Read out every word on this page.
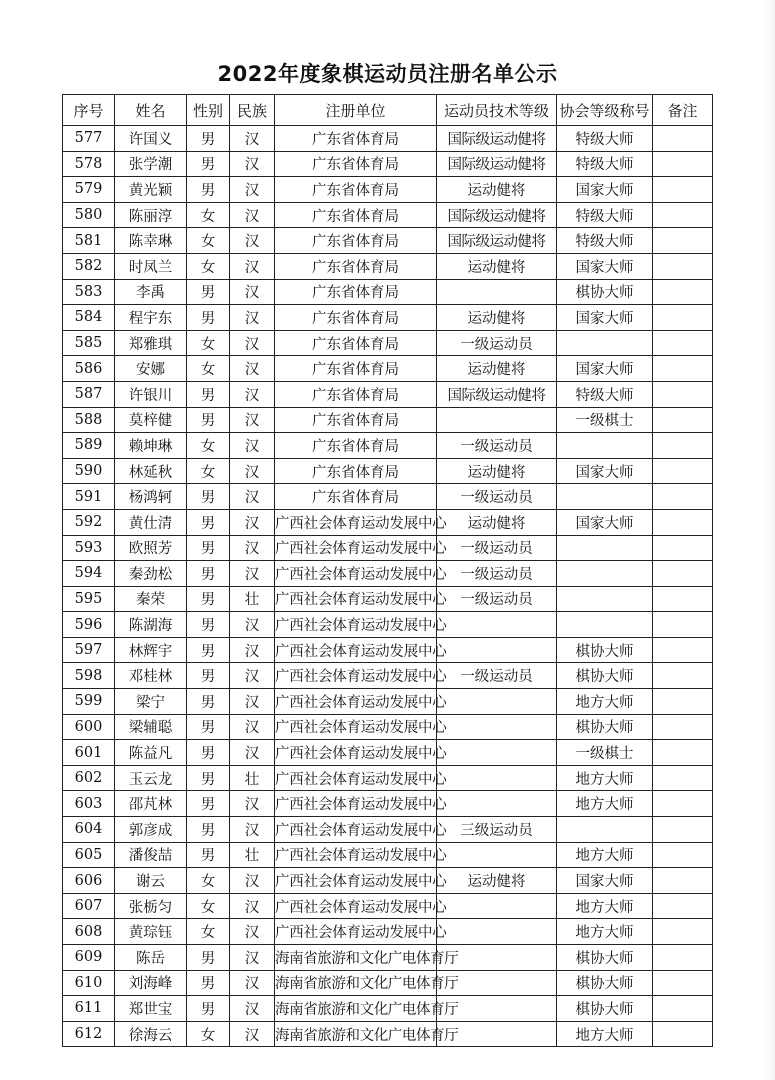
2022年度象棋运动员注册名单公示
序号	姓名	性别	民族	注册单位	运动员技术等级	协会等级称号	备注
577	许国义	男	汉	广东省体育局	国际级运动健将	特级大师	
578	张学潮	男	汉	广东省体育局	国际级运动健将	特级大师	
579	黄光颖	男	汉	广东省体育局	运动健将	国家大师	
580	陈丽淳	女	汉	广东省体育局	国际级运动健将	特级大师	
581	陈幸琳	女	汉	广东省体育局	国际级运动健将	特级大师	
582	时凤兰	女	汉	广东省体育局	运动健将	国家大师	
583	李禹	男	汉	广东省体育局		棋协大师	
584	程宇东	男	汉	广东省体育局	运动健将	国家大师	
585	郑雅琪	女	汉	广东省体育局	一级运动员		
586	安娜	女	汉	广东省体育局	运动健将	国家大师	
587	许银川	男	汉	广东省体育局	国际级运动健将	特级大师	
588	莫梓健	男	汉	广东省体育局		一级棋士	
589	赖坤琳	女	汉	广东省体育局	一级运动员		
590	林延秋	女	汉	广东省体育局	运动健将	国家大师	
591	杨鸿轲	男	汉	广东省体育局	一级运动员		
592	黄仕清	男	汉	广西社会体育运动发展中心	运动健将	国家大师	
593	欧照芳	男	汉	广西社会体育运动发展中心	一级运动员		
594	秦劲松	男	汉	广西社会体育运动发展中心	一级运动员		
595	秦荣	男	壮	广西社会体育运动发展中心	一级运动员		
596	陈湖海	男	汉	广西社会体育运动发展中心			
597	林辉宇	男	汉	广西社会体育运动发展中心		棋协大师	
598	邓桂林	男	汉	广西社会体育运动发展中心	一级运动员	棋协大师	
599	梁宁	男	汉	广西社会体育运动发展中心		地方大师	
600	梁辅聪	男	汉	广西社会体育运动发展中心		棋协大师	
601	陈益凡	男	汉	广西社会体育运动发展中心		一级棋士	
602	玉云龙	男	壮	广西社会体育运动发展中心		地方大师	
603	邵芃林	男	汉	广西社会体育运动发展中心		地方大师	
604	郭彦成	男	汉	广西社会体育运动发展中心	三级运动员		
605	潘俊喆	男	壮	广西社会体育运动发展中心		地方大师	
606	谢云	女	汉	广西社会体育运动发展中心	运动健将	国家大师	
607	张栃匀	女	汉	广西社会体育运动发展中心		地方大师	
608	黄琮钰	女	汉	广西社会体育运动发展中心		地方大师	
609	陈岳	男	汉	海南省旅游和文化广电体育厅		棋协大师	
610	刘海峰	男	汉	海南省旅游和文化广电体育厅		棋协大师	
611	郑世宝	男	汉	海南省旅游和文化广电体育厅		棋协大师	
612	徐海云	女	汉	海南省旅游和文化广电体育厅		地方大师	
